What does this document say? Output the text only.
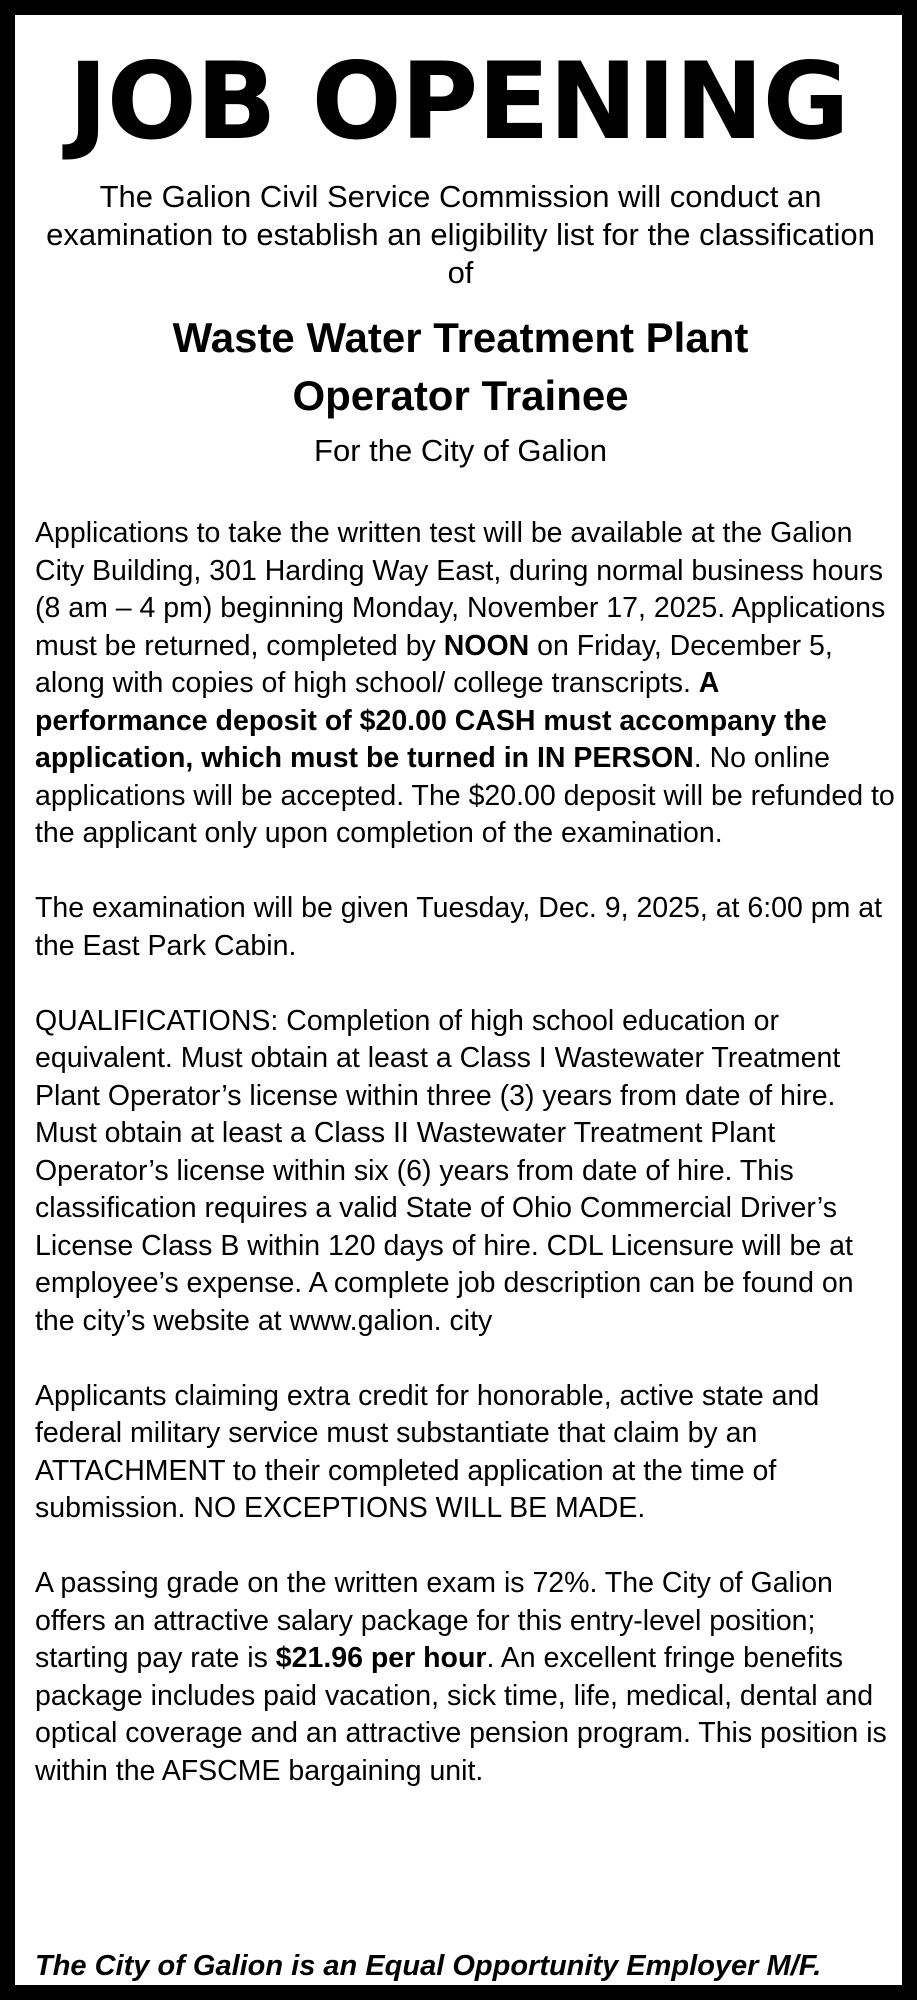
JOB OPENING
The Galion Civil Service Commission will conduct an examination to establish an eligibility list for the classification of
Waste Water Treatment Plant
Operator Trainee
For the City of Galion

Applications to take the written test will be available at the Galion City Building, 301 Harding Way East, during normal business hours (8 am – 4 pm) beginning Monday, November 17, 2025. Applications must be returned, completed by NOON on Friday, December 5, along with copies of high school/ college transcripts. A performance deposit of $20.00 CASH must accompany the application, which must be turned in IN PERSON. No online applications will be accepted. The $20.00 deposit will be refunded to the applicant only upon completion of the examination.

The examination will be given Tuesday, Dec. 9, 2025, at 6:00 pm at the East Park Cabin.

QUALIFICATIONS: Completion of high school education or equivalent. Must obtain at least a Class I Wastewater Treatment Plant Operator’s license within three (3) years from date of hire. Must obtain at least a Class II Wastewater Treatment Plant Operator’s license within six (6) years from date of hire. This classification requires a valid State of Ohio Commercial Driver’s License Class B within 120 days of hire. CDL Licensure will be at employee’s expense. A complete job description can be found on the city’s website at www.galion. city

Applicants claiming extra credit for honorable, active state and federal military service must substantiate that claim by an ATTACHMENT to their completed application at the time of submission. NO EXCEPTIONS WILL BE MADE.

A passing grade on the written exam is 72%. The City of Galion offers an attractive salary package for this entry-level position; starting pay rate is $21.96 per hour. An excellent fringe benefits package includes paid vacation, sick time, life, medical, dental and optical coverage and an attractive pension program. This position is within the AFSCME bargaining unit.

The City of Galion is an Equal Opportunity Employer M/F.
